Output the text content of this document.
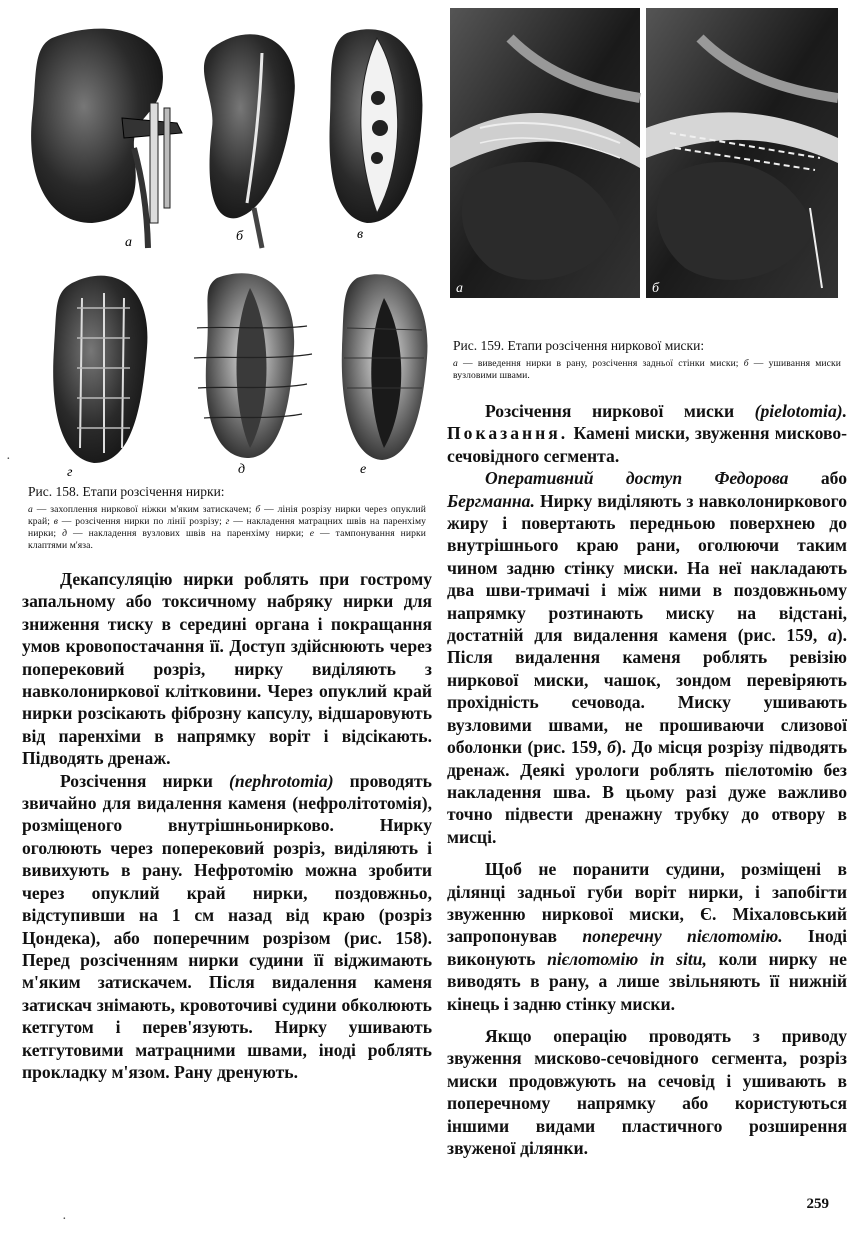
а	б	в
г	д	е
Рис. 158. Етапи розсічення нирки:
а — захоплення ниркової ніжки м'яким затискачем; б — лінія розрізу нирки через опуклий край; в — розсічення нирки по лінії розрізу; г — накладення матрацних швів на паренхіму нирки; д — накладення вузлових швів на паренхіму нирки; е — тампонування нирки клаптями м'яза.

Декапсуляцію нирки роблять при гострому запальному або токсичному набряку нирки для зниження тиску в середині органа і покращання умов кровопостачання її. Доступ здійснюють через поперековий розріз, нирку виділяють з навколониркової клітковини. Через опуклий край нирки розсікають фіброзну капсулу, відшаровують від паренхіми в напрямку воріт і відсікають. Підводять дренаж.

Розсічення нирки (nephrotomia) проводять звичайно для видалення каменя (нефролітотомія), розміщеного внутрішньонирково. Нирку оголюють через поперековий розріз, виділяють і вивихують в рану. Нефротомію можна зробити через опуклий край нирки, поздовжньо, відступивши на 1 см назад від краю (розріз Цондека), або поперечним розрізом (рис. 158). Перед розсіченням нирки судини її віджимають м'яким затискачем. Після видалення каменя затискач знімають, кровоточиві судини обколюють кетгутом і перев'язують. Нирку ушивають кетгутовими матрацними швами, іноді роблять прокладку м'язом. Рану дренують.

а	б
Рис. 159. Етапи розсічення ниркової миски:
а — виведення нирки в рану, розсічення задньої стінки миски; б — ушивання миски вузловими швами.

Розсічення ниркової миски (pielotomia). Показання. Камені миски, звуження мисково-сечовідного сегмента.

Оперативний доступ Федорова або Бергманна. Нирку виділяють з навколониркового жиру і повертають передньою поверхнею до внутрішнього краю рани, оголюючи таким чином задню стінку миски. На неї накладають два шви-тримачі і між ними в поздовжньому напрямку розтинають миску на відстані, достатній для видалення каменя (рис. 159, а). Після видалення каменя роблять ревізію ниркової миски, чашок, зондом перевіряють прохідність сечовода. Миску ушивають вузловими швами, не прошиваючи слизової оболонки (рис. 159, б). До місця розрізу підводять дренаж. Деякі урологи роблять пієлотомію без накладення шва. В цьому разі дуже важливо точно підвести дренажну трубку до отвору в мисці.

Щоб не поранити судини, розміщені в ділянці задньої губи воріт нирки, і запобігти звуженню ниркової миски, Є. Міхаловський запропонував поперечну пієлотомію. Іноді виконують пієлотомію in situ, коли нирку не виводять в рану, а лише звільняють її нижній кінець і задню стінку миски.

Якщо операцію проводять з приводу звуження мисково-сечовідного сегмента, розріз миски продовжують на сечовід і ушивають в поперечному напрямку або користуються іншими видами пластичного розширення звуженої ділянки.

·
·
259
